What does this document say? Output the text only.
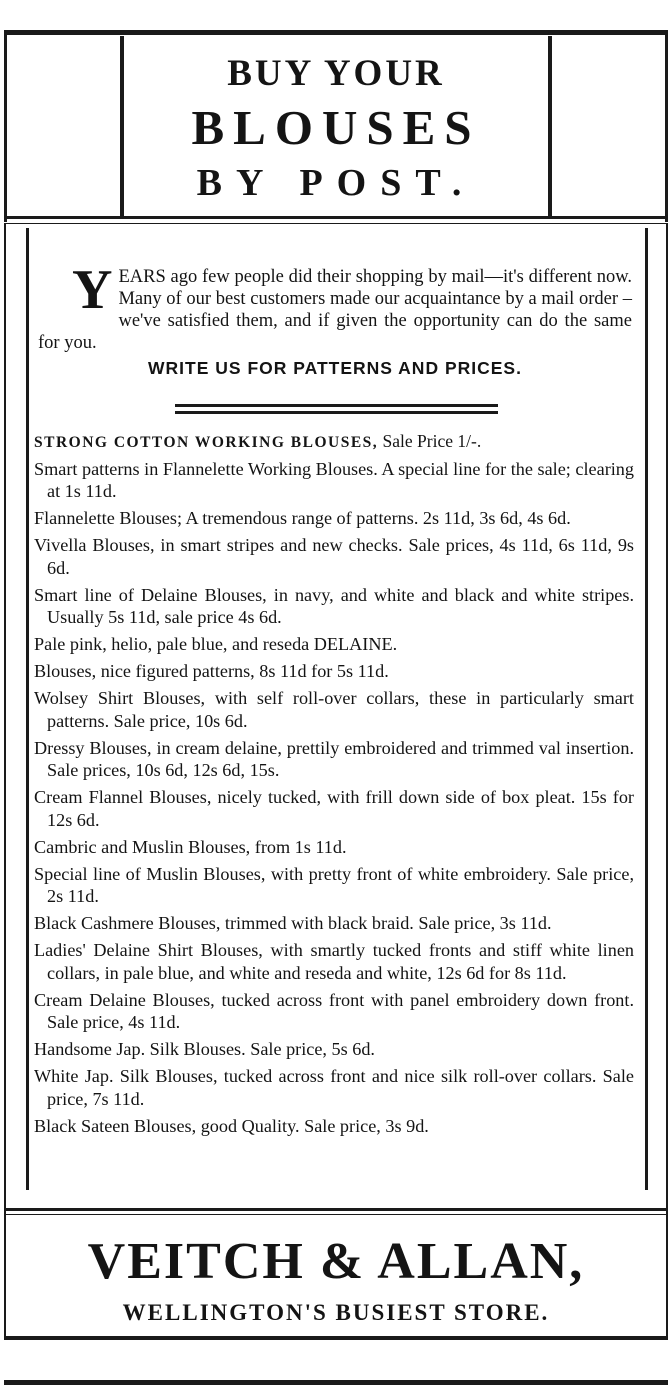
BUY YOUR
BLOUSES
BY POST.
YEARS ago few people did their shopping by mail—it's different now. Many of our best customers made our acquaintance by a mail order – we've satisfied them, and if given the opportunity can do the same for you.
WRITE US FOR PATTERNS AND PRICES.

STRONG COTTON WORKING BLOUSES, Sale Price 1/-.

Smart patterns in Flannelette Working Blouses. A special line for the sale; clearing at 1s 11d.

Flannelette Blouses; A tremendous range of patterns. 2s 11d, 3s 6d, 4s 6d.

Vivella Blouses, in smart stripes and new checks. Sale prices, 4s 11d, 6s 11d, 9s 6d.

Smart line of Delaine Blouses, in navy, and white and black and white stripes. Usually 5s 11d, sale price 4s 6d.

Pale pink, helio, pale blue, and reseda DELAINE.

Blouses, nice figured patterns, 8s 11d for 5s 11d.

Wolsey Shirt Blouses, with self roll-over collars, these in particularly smart patterns. Sale price, 10s 6d.

Dressy Blouses, in cream delaine, prettily embroidered and trimmed val insertion. Sale prices, 10s 6d, 12s 6d, 15s.

Cream Flannel Blouses, nicely tucked, with frill down side of box pleat. 15s for 12s 6d.

Cambric and Muslin Blouses, from 1s 11d.

Special line of Muslin Blouses, with pretty front of white embroidery. Sale price, 2s 11d.

Black Cashmere Blouses, trimmed with black braid. Sale price, 3s 11d.

Ladies' Delaine Shirt Blouses, with smartly tucked fronts and stiff white linen collars, in pale blue, and white and reseda and white, 12s 6d for 8s 11d.

Cream Delaine Blouses, tucked across front with panel embroidery down front. Sale price, 4s 11d.

Handsome Jap. Silk Blouses. Sale price, 5s 6d.

White Jap. Silk Blouses, tucked across front and nice silk roll-over collars. Sale price, 7s 11d.

Black Sateen Blouses, good Quality. Sale price, 3s 9d.

VEITCH & ALLAN,
WELLINGTON'S BUSIEST STORE.
